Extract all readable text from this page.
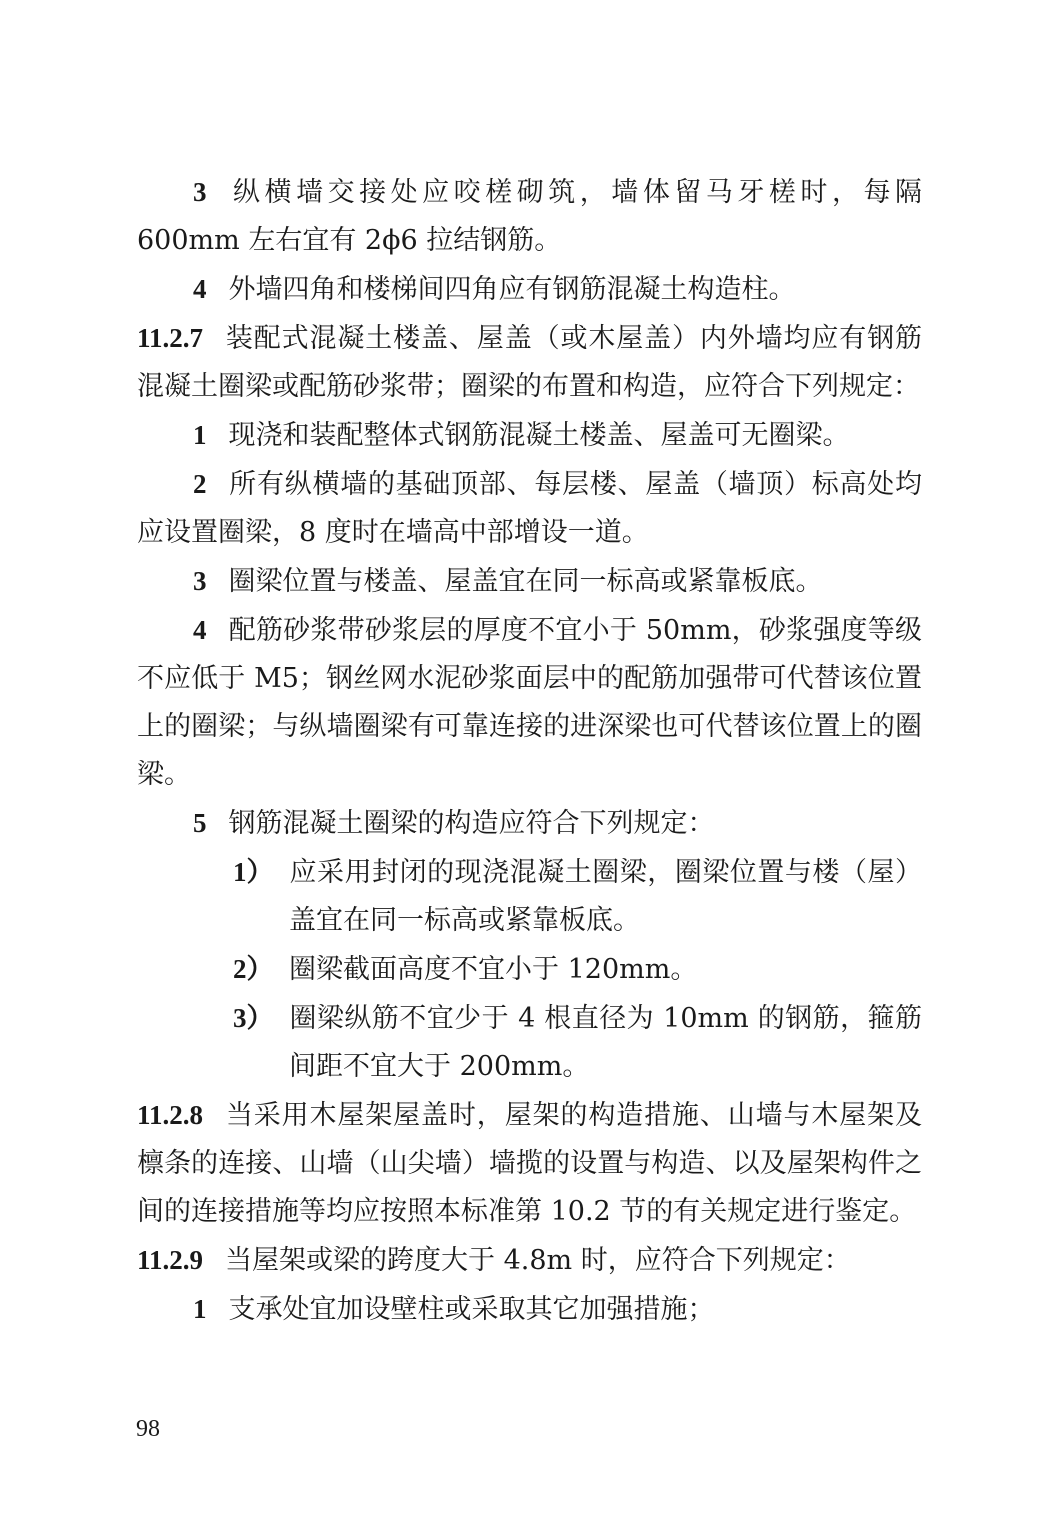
3 纵横墙交接处应咬槎砌筑，墙体留马牙槎时，每隔 600mm 左右宜有 2ϕ6 拉结钢筋。

4 外墙四角和楼梯间四角应有钢筋混凝土构造柱。

11.2.7 装配式混凝土楼盖、屋盖（或木屋盖）内外墙均应有钢筋混凝土圈梁或配筋砂浆带；圈梁的布置和构造，应符合下列规定：

1 现浇和装配整体式钢筋混凝土楼盖、屋盖可无圈梁。

2 所有纵横墙的基础顶部、每层楼、屋盖（墙顶）标高处均应设置圈梁，8 度时在墙高中部增设一道。

3 圈梁位置与楼盖、屋盖宜在同一标高或紧靠板底。

4 配筋砂浆带砂浆层的厚度不宜小于 50mm，砂浆强度等级不应低于 M5；钢丝网水泥砂浆面层中的配筋加强带可代替该位置上的圈梁；与纵墙圈梁有可靠连接的进深梁也可代替该位置上的圈梁。

5 钢筋混凝土圈梁的构造应符合下列规定：

1） 应采用封闭的现浇混凝土圈梁，圈梁位置与楼（屋）盖宜在同一标高或紧靠板底。

2） 圈梁截面高度不宜小于 120mm。

3） 圈梁纵筋不宜少于 4 根直径为 10mm 的钢筋，箍筋间距不宜大于 200mm。

11.2.8 当采用木屋架屋盖时，屋架的构造措施、山墙与木屋架及檩条的连接、山墙（山尖墙）墙揽的设置与构造、以及屋架构件之间的连接措施等均应按照本标准第 10.2 节的有关规定进行鉴定。

11.2.9 当屋架或梁的跨度大于 4.8m 时，应符合下列规定：

1 支承处宜加设壁柱或采取其它加强措施；

98
